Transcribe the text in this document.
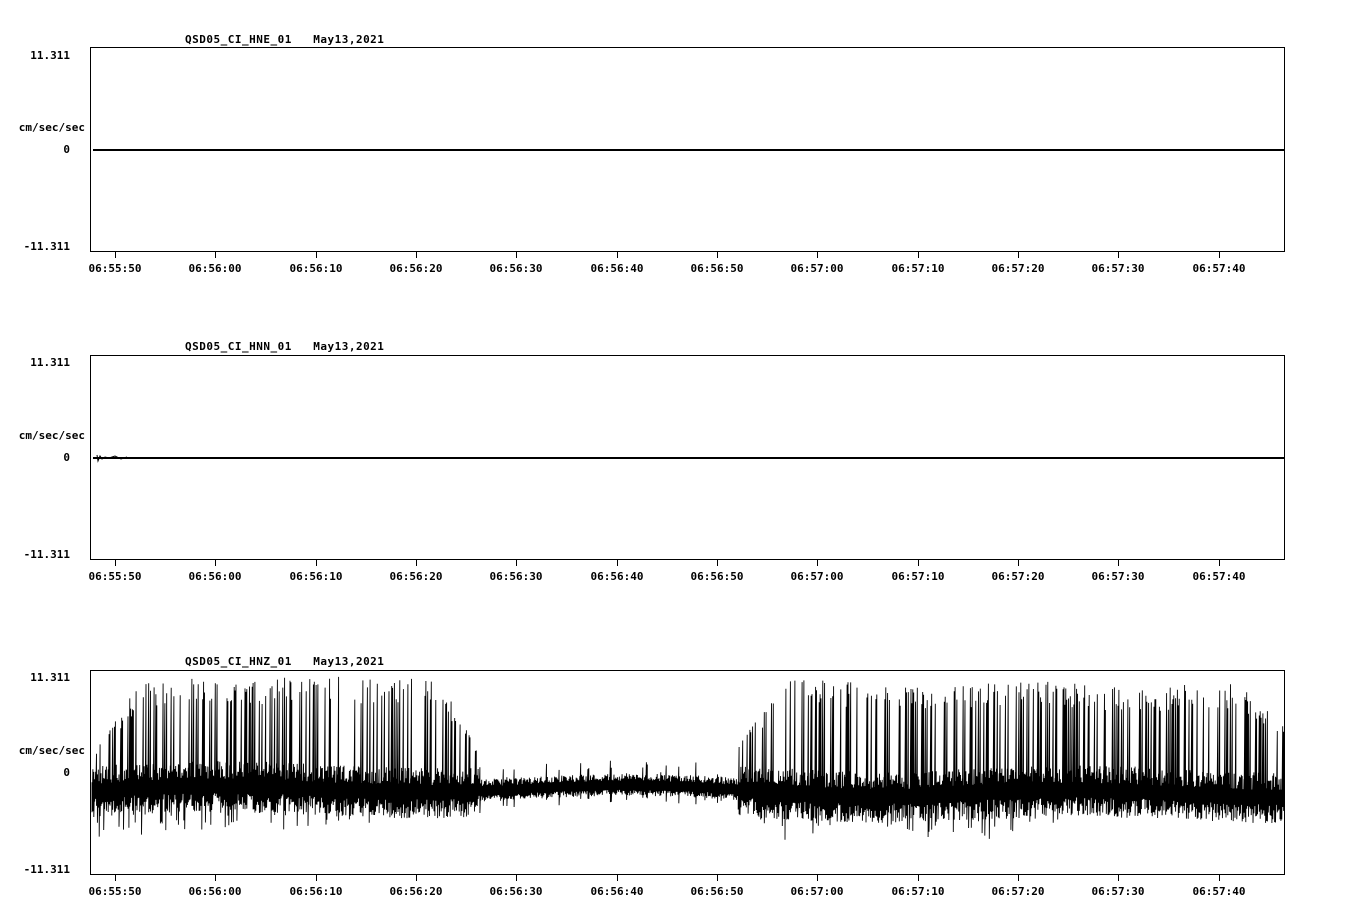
QSD05_CI_HNE_01   May13,2021
11.311
cm/sec/sec
0
-11.311
06:55:50	06:56:00	06:56:10	06:56:20	06:56:30	06:56:40	06:56:50	06:57:00	06:57:10	06:57:20	06:57:30	06:57:40
QSD05_CI_HNN_01   May13,2021
11.311
cm/sec/sec
0
-11.311
06:55:50	06:56:00	06:56:10	06:56:20	06:56:30	06:56:40	06:56:50	06:57:00	06:57:10	06:57:20	06:57:30	06:57:40
QSD05_CI_HNZ_01   May13,2021
11.311
cm/sec/sec
0
-11.311
06:55:50	06:56:00	06:56:10	06:56:20	06:56:30	06:56:40	06:56:50	06:57:00	06:57:10	06:57:20	06:57:30	06:57:40
